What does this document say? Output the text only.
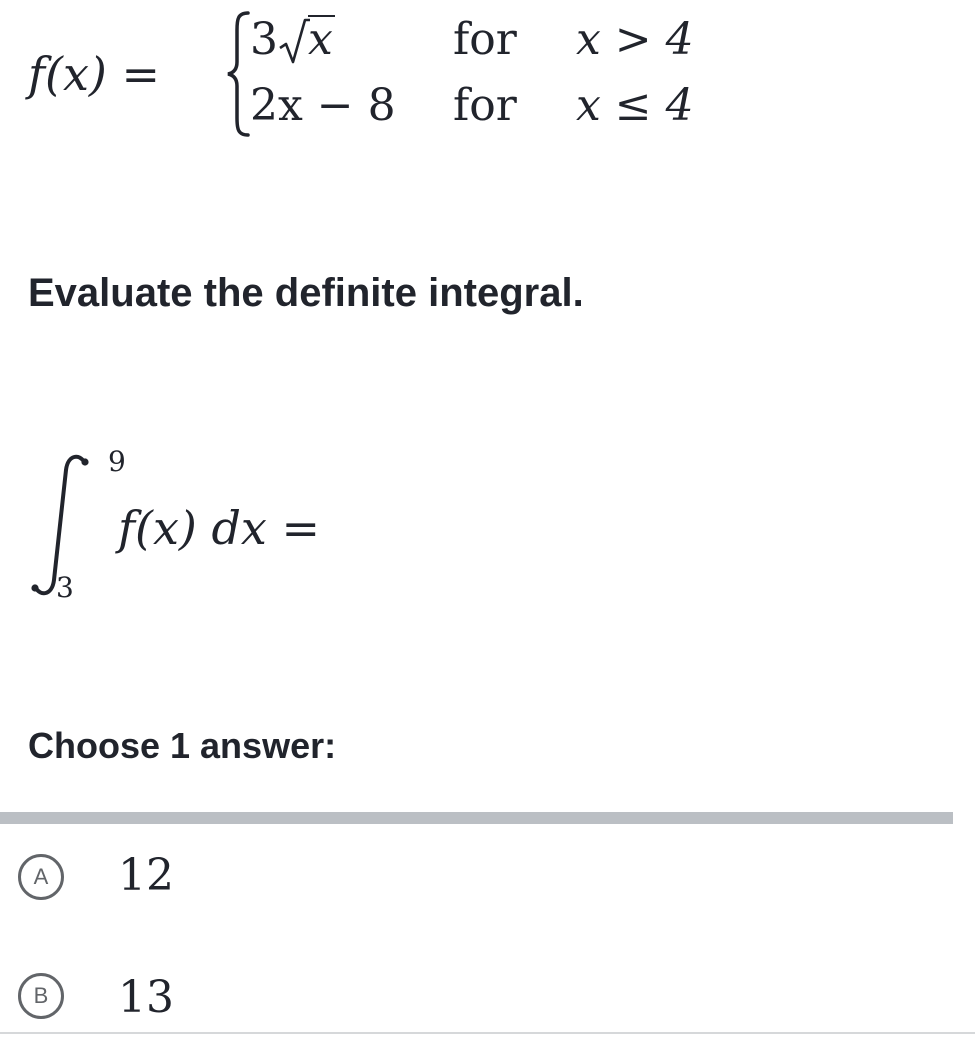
f(x) =
3 x	for x > 4
2x − 8 for x ≤ 4
Evaluate the definite integral.
9
3
f(x) dx =
Choose 1 answer:
A	12
B	13
